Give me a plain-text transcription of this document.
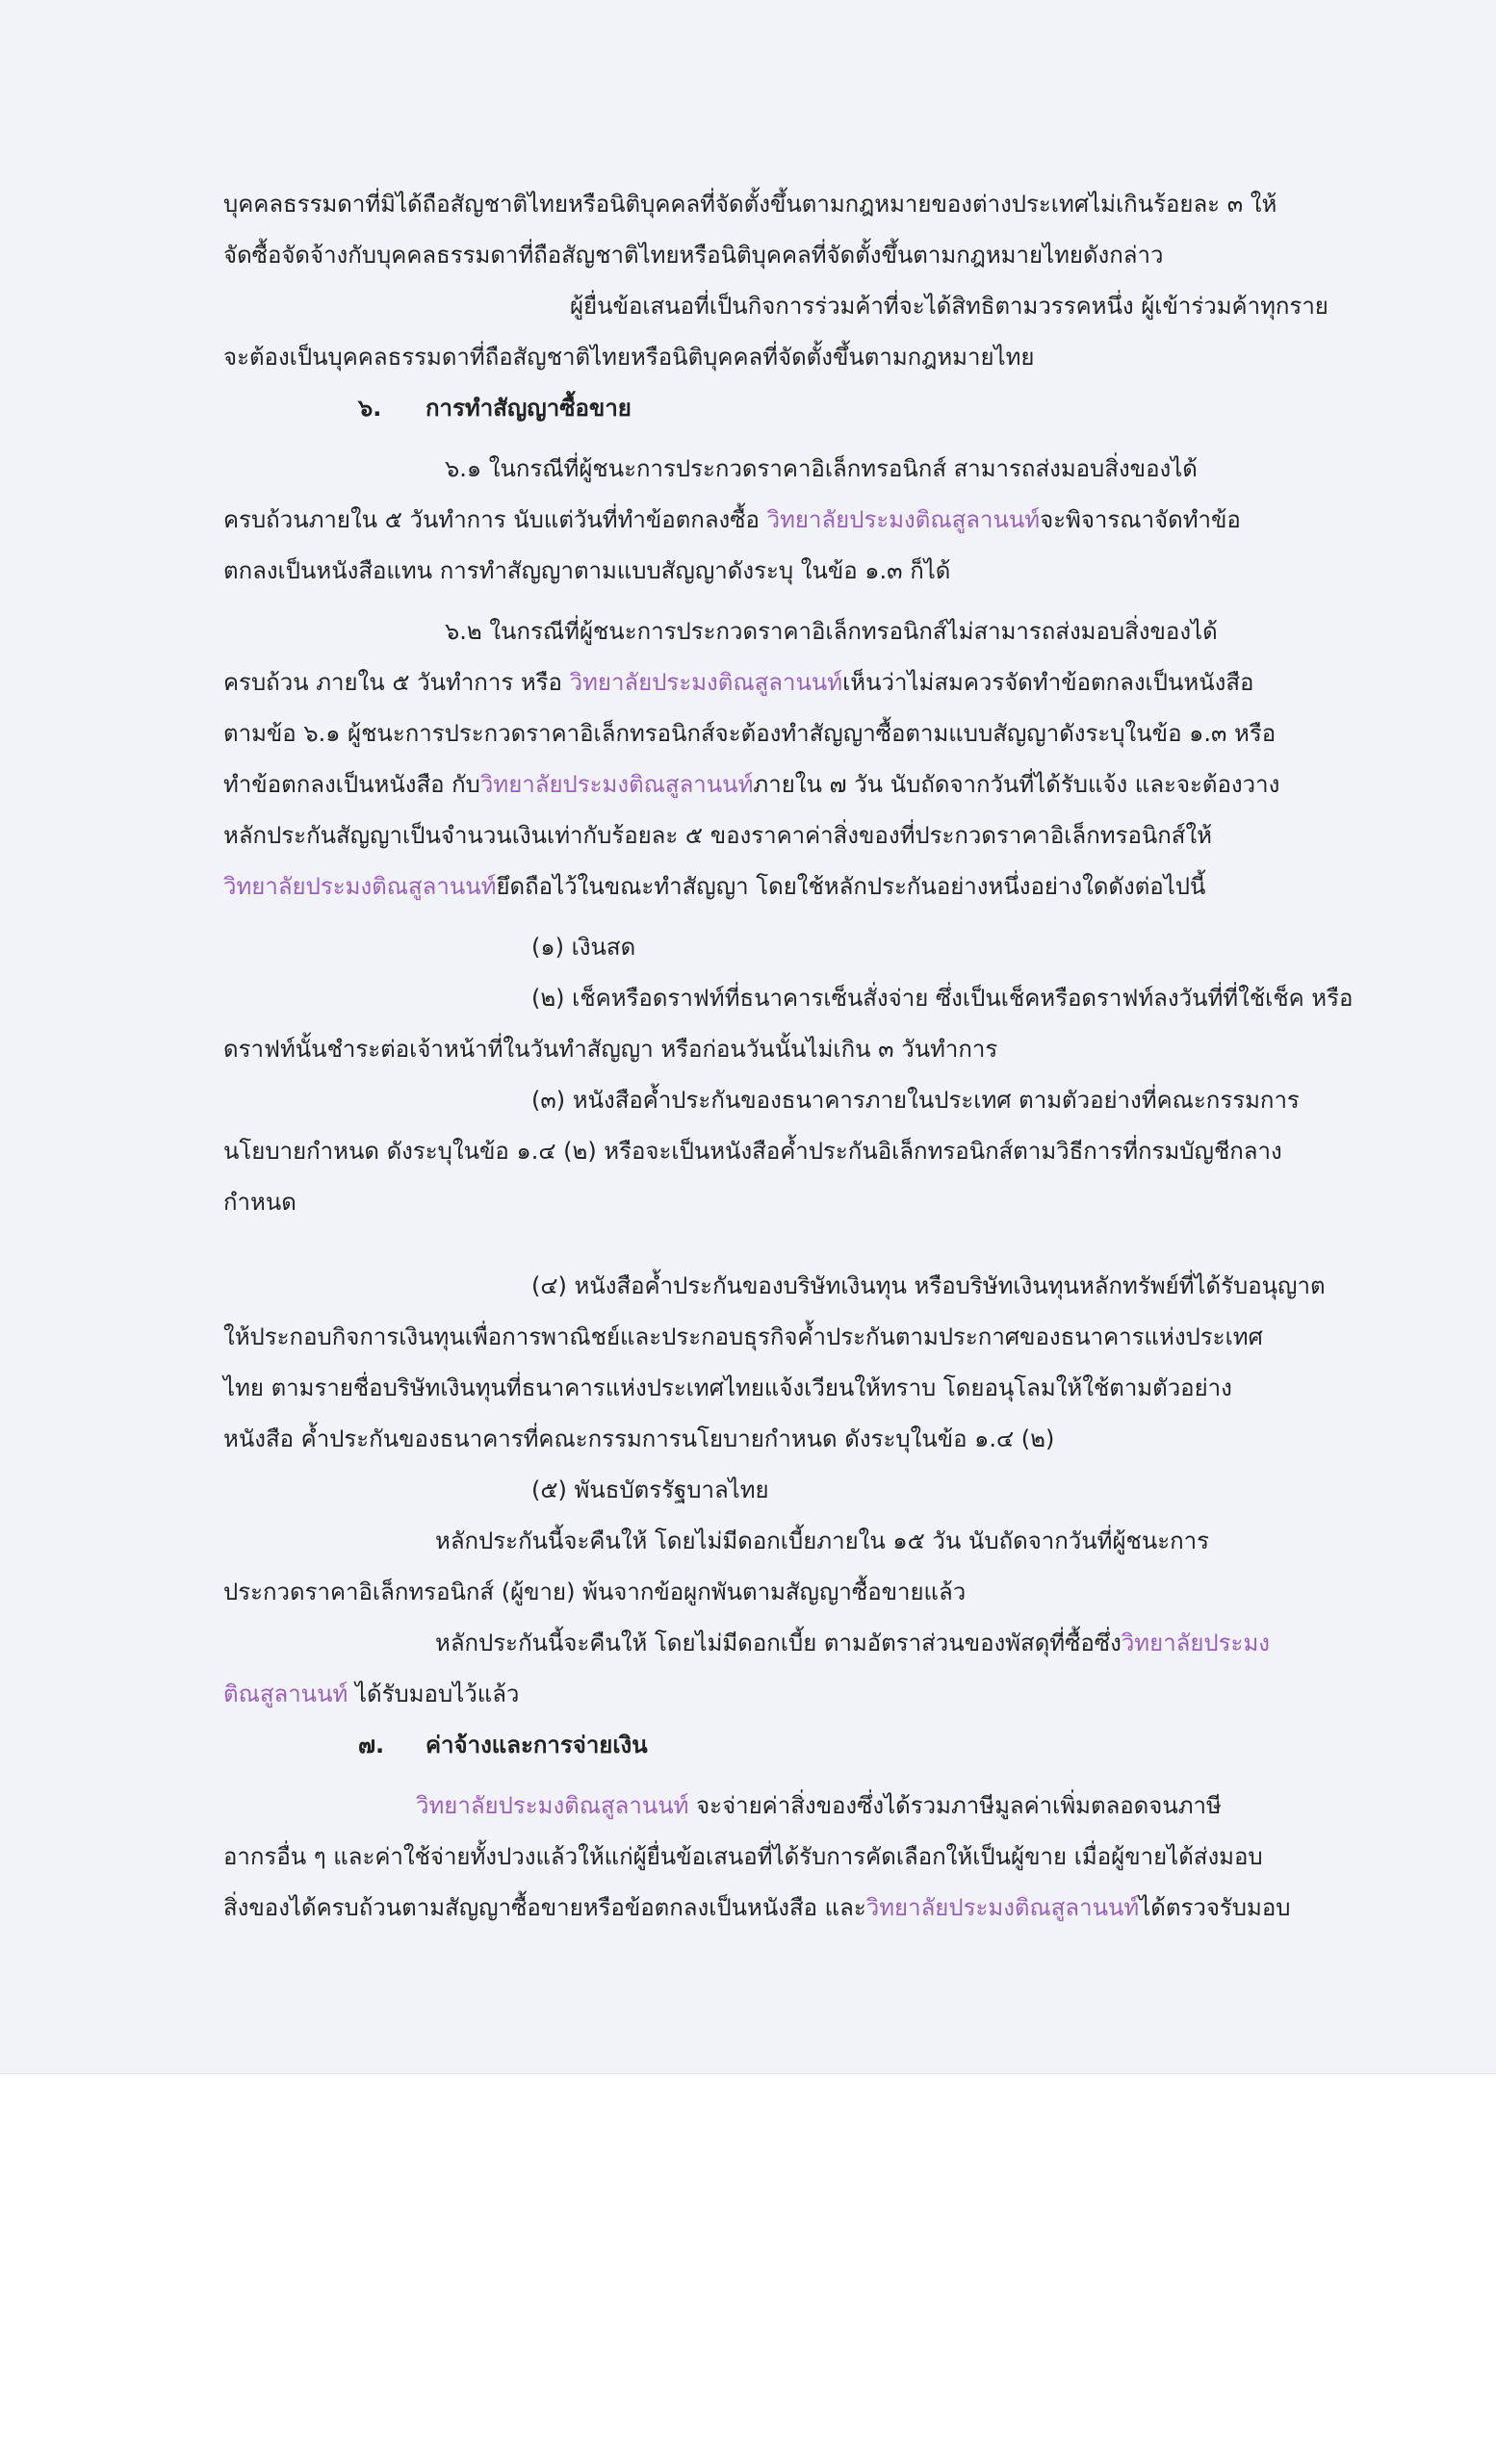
บุคคลธรรมดาที่มิได้ถือสัญชาติไทยหรือนิติบุคคลที่จัดตั้งขึ้นตามกฎหมายของต่างประเทศไม่เกินร้อยละ ๓ ให้
จัดซื้อจัดจ้างกับบุคคลธรรมดาที่ถือสัญชาติไทยหรือนิติบุคคลที่จัดตั้งขึ้นตามกฎหมายไทยดังกล่าว
ผู้ยื่นข้อเสนอที่เป็นกิจการร่วมค้าที่จะได้สิทธิตามวรรคหนึ่ง ผู้เข้าร่วมค้าทุกราย
จะต้องเป็นบุคคลธรรมดาที่ถือสัญชาติไทยหรือนิติบุคคลที่จัดตั้งขึ้นตามกฎหมายไทย
๖. การทำสัญญาซื้อขาย
๖.๑ ในกรณีที่ผู้ชนะการประกวดราคาอิเล็กทรอนิกส์ สามารถส่งมอบสิ่งของได้
ครบถ้วนภายใน ๕ วันทำการ นับแต่วันที่ทำข้อตกลงซื้อ วิทยาลัยประมงติณสูลานนท์จะพิจารณาจัดทำข้อ
ตกลงเป็นหนังสือแทน การทำสัญญาตามแบบสัญญาดังระบุ ในข้อ ๑.๓ ก็ได้
๖.๒ ในกรณีที่ผู้ชนะการประกวดราคาอิเล็กทรอนิกส์ไม่สามารถส่งมอบสิ่งของได้
ครบถ้วน ภายใน ๕ วันทำการ หรือ วิทยาลัยประมงติณสูลานนท์เห็นว่าไม่สมควรจัดทำข้อตกลงเป็นหนังสือ
ตามข้อ ๖.๑ ผู้ชนะการประกวดราคาอิเล็กทรอนิกส์จะต้องทำสัญญาซื้อตามแบบสัญญาดังระบุในข้อ ๑.๓ หรือ
ทำข้อตกลงเป็นหนังสือ กับวิทยาลัยประมงติณสูลานนท์ภายใน ๗ วัน นับถัดจากวันที่ได้รับแจ้ง และจะต้องวาง
หลักประกันสัญญาเป็นจำนวนเงินเท่ากับร้อยละ ๕ ของราคาค่าสิ่งของที่ประกวดราคาอิเล็กทรอนิกส์ให้
วิทยาลัยประมงติณสูลานนท์ยึดถือไว้ในขณะทำสัญญา โดยใช้หลักประกันอย่างหนึ่งอย่างใดดังต่อไปนี้
(๑) เงินสด
(๒) เช็คหรือดราฟท์ที่ธนาคารเซ็นสั่งจ่าย ซึ่งเป็นเช็คหรือดราฟท์ลงวันที่ที่ใช้เช็ค หรือ
ดราฟท์นั้นชำระต่อเจ้าหน้าที่ในวันทำสัญญา หรือก่อนวันนั้นไม่เกิน ๓ วันทำการ
(๓) หนังสือค้ำประกันของธนาคารภายในประเทศ ตามตัวอย่างที่คณะกรรมการ
นโยบายกำหนด ดังระบุในข้อ ๑.๔ (๒) หรือจะเป็นหนังสือค้ำประกันอิเล็กทรอนิกส์ตามวิธีการที่กรมบัญชีกลาง
กำหนด
(๔) หนังสือค้ำประกันของบริษัทเงินทุน หรือบริษัทเงินทุนหลักทรัพย์ที่ได้รับอนุญาต
ให้ประกอบกิจการเงินทุนเพื่อการพาณิชย์และประกอบธุรกิจค้ำประกันตามประกาศของธนาคารแห่งประเทศ
ไทย ตามรายชื่อบริษัทเงินทุนที่ธนาคารแห่งประเทศไทยแจ้งเวียนให้ทราบ โดยอนุโลมให้ใช้ตามตัวอย่าง
หนังสือ ค้ำประกันของธนาคารที่คณะกรรมการนโยบายกำหนด ดังระบุในข้อ ๑.๔ (๒)
(๕) พันธบัตรรัฐบาลไทย
หลักประกันนี้จะคืนให้ โดยไม่มีดอกเบี้ยภายใน ๑๕ วัน นับถัดจากวันที่ผู้ชนะการ
ประกวดราคาอิเล็กทรอนิกส์ (ผู้ขาย) พ้นจากข้อผูกพันตามสัญญาซื้อขายแล้ว
หลักประกันนี้จะคืนให้ โดยไม่มีดอกเบี้ย ตามอัตราส่วนของพัสดุที่ซื้อซึ่งวิทยาลัยประมง
ติณสูลานนท์ ได้รับมอบไว้แล้ว
๗. ค่าจ้างและการจ่ายเงิน
วิทยาลัยประมงติณสูลานนท์ จะจ่ายค่าสิ่งของซึ่งได้รวมภาษีมูลค่าเพิ่มตลอดจนภาษี
อากรอื่น ๆ และค่าใช้จ่ายทั้งปวงแล้วให้แก่ผู้ยื่นข้อเสนอที่ได้รับการคัดเลือกให้เป็นผู้ขาย เมื่อผู้ขายได้ส่งมอบ
สิ่งของได้ครบถ้วนตามสัญญาซื้อขายหรือข้อตกลงเป็นหนังสือ และวิทยาลัยประมงติณสูลานนท์ได้ตรวจรับมอบ
